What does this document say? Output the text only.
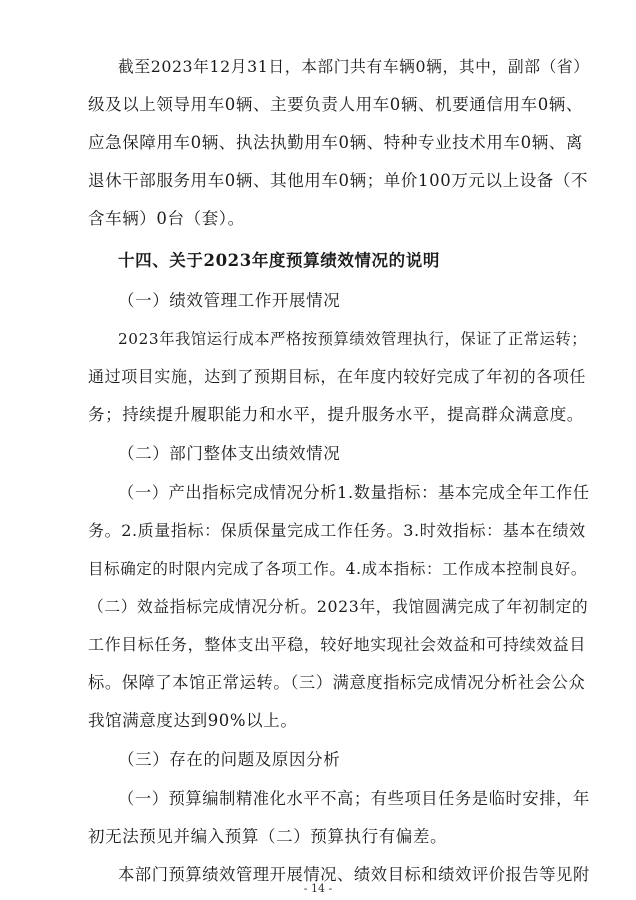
截至2023年12月31日，本部门共有车辆0辆，其中，副部（省）
级及以上领导用车0辆、主要负责人用车0辆、机要通信用车0辆、
应急保障用车0辆、执法执勤用车0辆、特种专业技术用车0辆、离
退休干部服务用车0辆、其他用车0辆；单价100万元以上设备（不
含车辆）0台（套）。
十四、关于2023年度预算绩效情况的说明
（一）绩效管理工作开展情况
2023年我馆运行成本严格按预算绩效管理执行，保证了正常运转；
通过项目实施，达到了预期目标，在年度内较好完成了年初的各项任
务；持续提升履职能力和水平，提升服务水平，提高群众满意度。
（二）部门整体支出绩效情况
（一）产出指标完成情况分析1.数量指标：基本完成全年工作任
务。2.质量指标：保质保量完成工作任务。3.时效指标：基本在绩效
目标确定的时限内完成了各项工作。4.成本指标：工作成本控制良好。
（二）效益指标完成情况分析。2023年，我馆圆满完成了年初制定的
工作目标任务，整体支出平稳，较好地实现社会效益和可持续效益目
标。保障了本馆正常运转。（三）满意度指标完成情况分析社会公众
我馆满意度达到90%以上。
（三）存在的问题及原因分析
（一）预算编制精准化水平不高；有些项目任务是临时安排，年
初无法预见并编入预算（二）预算执行有偏差。
本部门预算绩效管理开展情况、绩效目标和绩效评价报告等见附
- 14 -
